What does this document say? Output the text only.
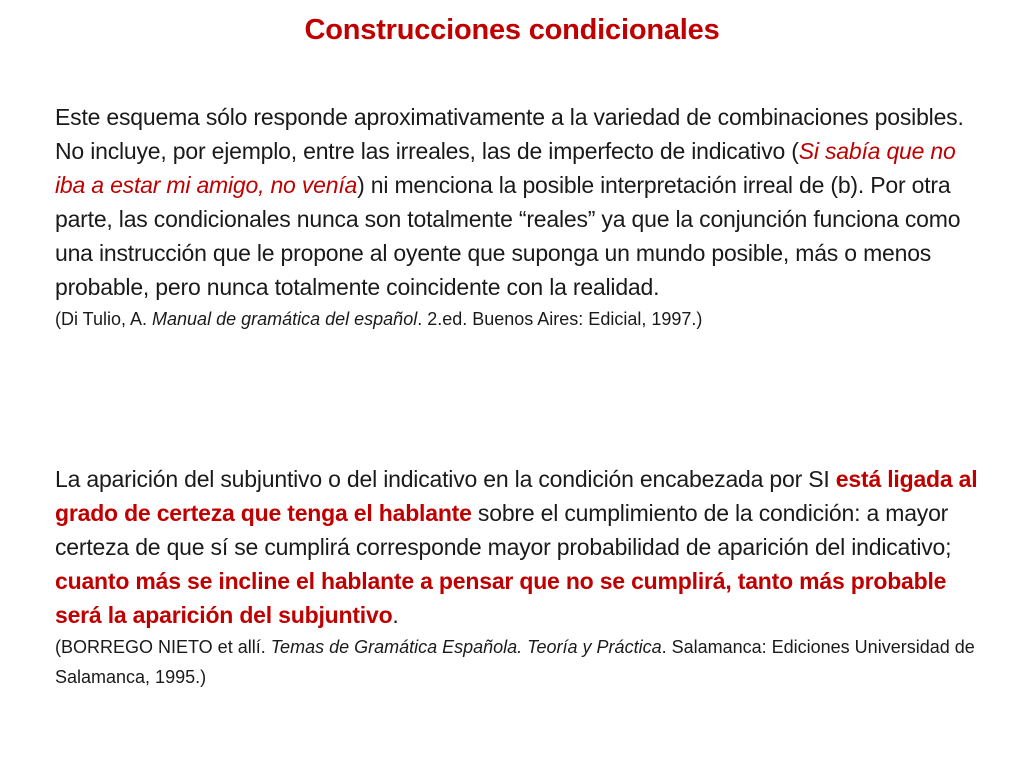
Construcciones condicionales

Este esquema sólo responde aproximativamente a la variedad de combinaciones posibles. No incluye, por ejemplo, entre las irreales, las de imperfecto de indicativo (Si sabía que no iba a estar mi amigo, no venía) ni menciona la posible interpretación irreal de (b). Por otra parte, las condicionales nunca son totalmente “reales” ya que la conjunción funciona como una instrucción que le propone al oyente que suponga un mundo posible, más o menos probable, pero nunca totalmente coincidente con la realidad.

(Di Tulio, A. Manual de gramática del español. 2.ed. Buenos Aires: Edicial, 1997.)

La aparición del subjuntivo o del indicativo en la condición encabezada por SI está ligada al grado de certeza que tenga el hablante sobre el cumplimiento de la condición: a mayor certeza de que sí se cumplirá corresponde mayor probabilidad de aparición del indicativo; cuanto más se incline el hablante a pensar que no se cumplirá, tanto más probable será la aparición del subjuntivo.

(BORREGO NIETO et allí. Temas de Gramática Española. Teoría y Práctica. Salamanca: Ediciones Universidad de Salamanca, 1995.)
